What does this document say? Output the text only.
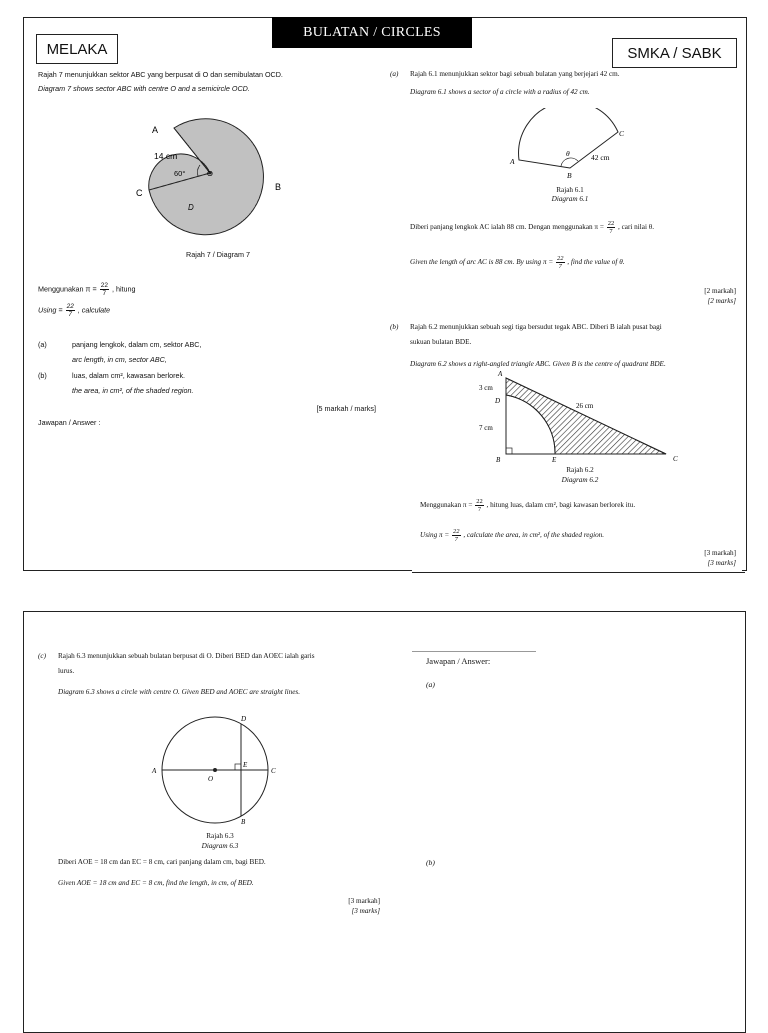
BULATAN / CIRCLES
MELAKA	SMKA / SABK
Rajah 7 menunjukkan sektor ABC yang berpusat di O dan semibulatan OCD.
Diagram 7 shows sector ABC with centre O and a semicircle OCD.
A
14 cm
60°	O
B
C
D
Rajah 7 / Diagram 7
Menggunakan $\pi = \frac{22}{7}$ , hitung
$Using = \frac{22}{7}$ , calculate
(a)	panjang lengkok, dalam cm, sektor ABC,
arc length, in cm, sector ABC,
(b)	luas, dalam cm², kawasan berlorek.
the area, in cm², of the shaded region.
[5 markah / marks]
Jawapan / Answer :
(a) Rajah 6.1 menunjukkan sektor bagi sebuah bulatan yang berjejari 42 cm.
Diagram 6.1 shows a sector of a circle with a radius of 42 cm.
A
B
C
θ	42 cm
Rajah 6.1
Diagram 6.1
Diberi panjang lengkok AC ialah 88 cm. Dengan menggunakan $\pi = \frac{22}{7}$ , cari nilai θ.
Given the length of arc AC is 88 cm. By using $\pi = \frac{22}{7}$ , find the value of θ.
[2 markah]
[2 marks]
(b) Rajah 6.2 menunjukkan sebuah segi tiga bersudut tegak ABC. Diberi B ialah pusat bagi
sukuan bulatan BDE.
Diagram 6.2 shows a right-angled triangle ABC. Given B is the centre of quadrant BDE.
A
3 cm
D
7 cm
26 cm
B	E	C
Rajah 6.2
Diagram 6.2
Menggunakan $\pi = \frac{22}{7}$ , hitung luas, dalam cm², bagi kawasan berlorek itu.
Using $\pi = \frac{22}{7}$ , calculate the area, in cm², of the shaded region.
[3 markah]
[3 marks]
(c) Rajah 6.3 menunjukkan sebuah bulatan berpusat di O. Diberi BED dan AOEC ialah garis
lurus.
Diagram 6.3 shows a circle with centre O. Given BED and AOEC are straight lines.
A
O
E
C
D
B
Rajah 6.3
Diagram 6.3
Diberi AOE = 18 cm dan EC = 8 cm, cari panjang dalam cm, bagi BED.
Given AOE = 18 cm and EC = 8 cm, find the length, in cm, of BED.
[3 markah]
[3 marks]
Jawapan / Answer:
(a)
(b)
